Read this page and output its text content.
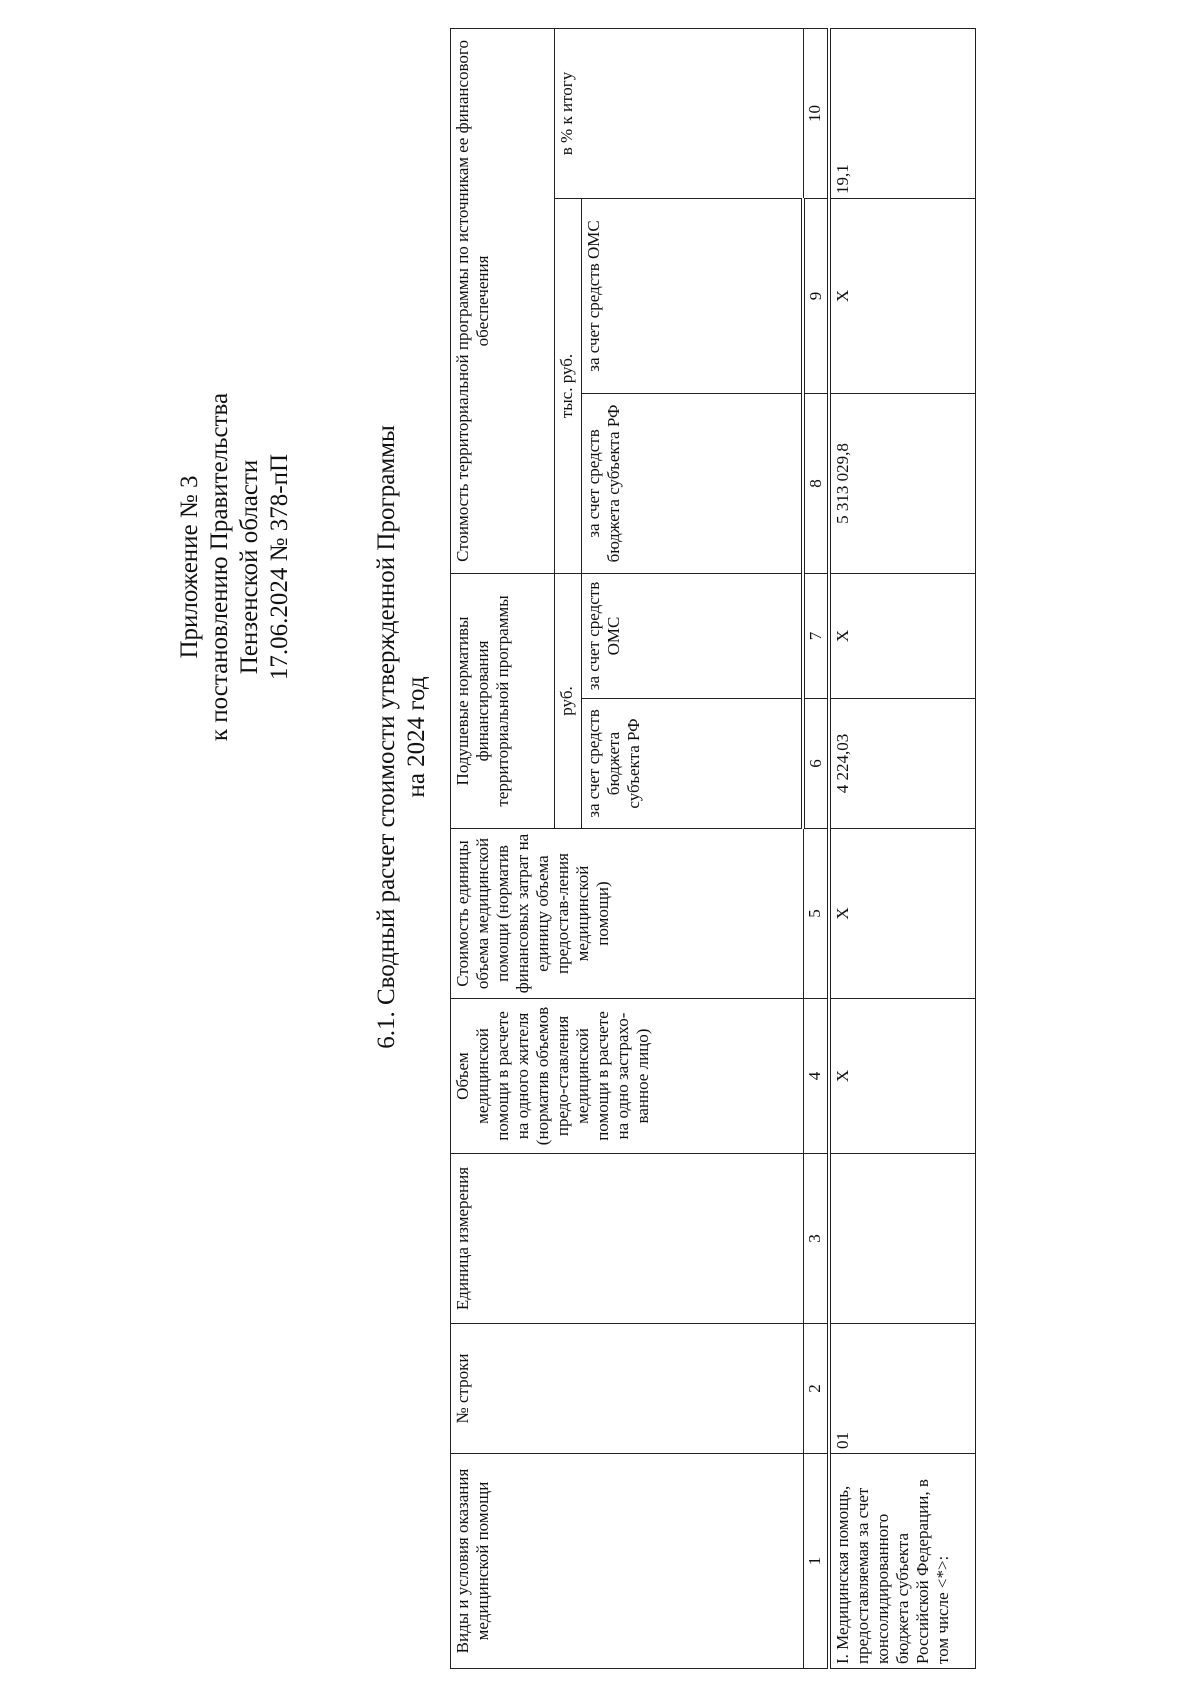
Приложение № 3 к постановлению Правительства Пензенской области 17.06.2024 № 378-пП	6.1. Сводный расчет стоимости утвержденной Программы на 2024 год
Виды и условия оказания медицинской помощи	№ строки	Единица измерения	Объем медицинской помощи в расчете на одного жителя (норматив объемов предо-ставления медицинской помощи в расчете на одно застрахо-ванное лицо)	Стоимость единицы объема медицинской помощи (норматив финансовых затрат на единицу объема предостав-ления медицинской помощи)	Подушевые нормативы финансирования территориальной программы		Стоимость территориальной программы по источникам ее финансового обеспечения		
					руб.		тыс. руб.		в % к итогу
					за счет средств бюджета субъекта РФ	за счет средств ОМС	за счет средств бюджета субъекта РФ	за счет средств ОМС	
1	2	3	4	5	6	7	8	9	10
I. Медицинская помощь, предоставляемая за счет консолидированного бюджета субъекта Российской Федерации, в том числе <*>:	01		Х	Х	4 224,03	Х	5 313 029,8	Х	19,1
